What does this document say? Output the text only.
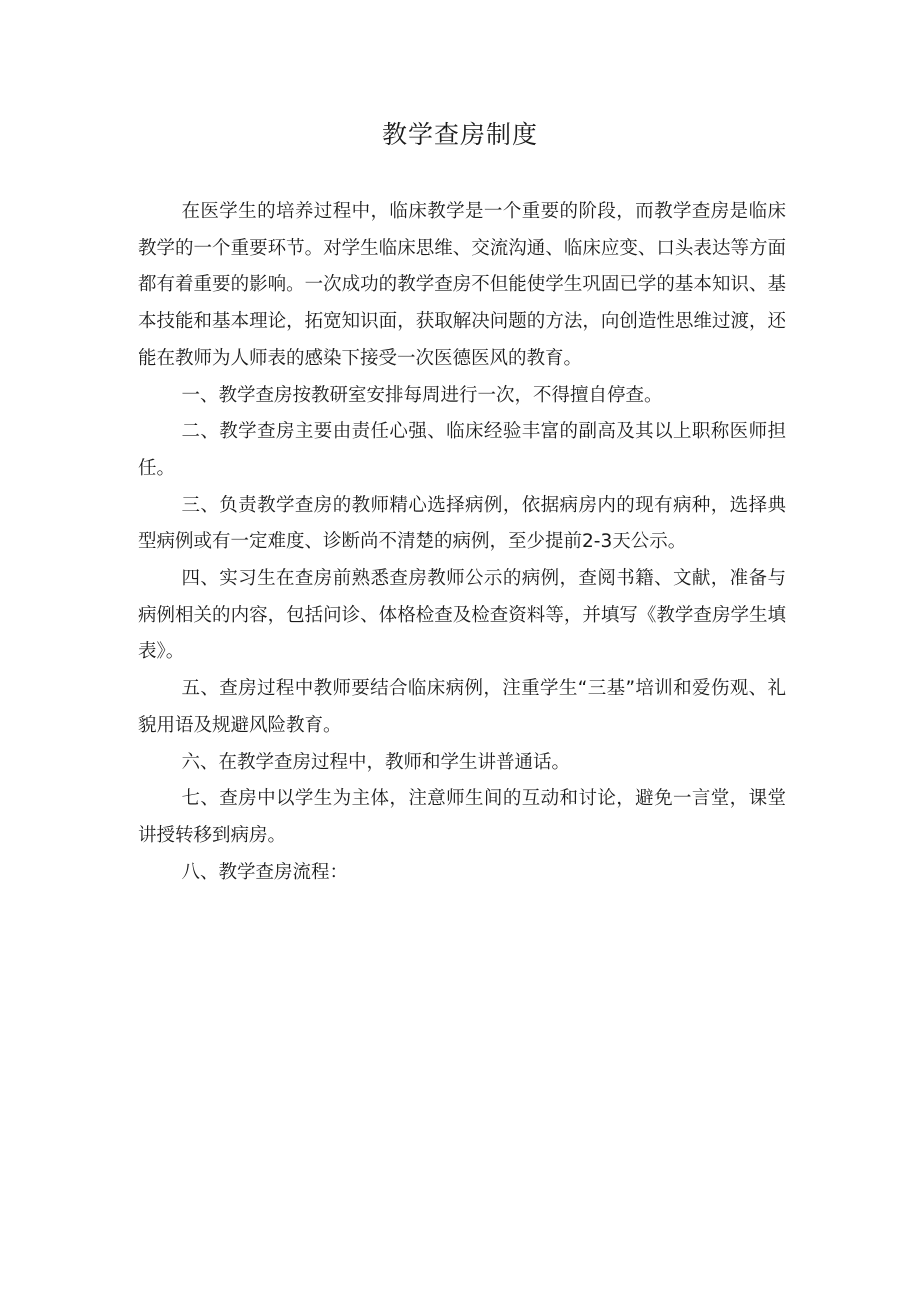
教学查房制度

在医学生的培养过程中，临床教学是一个重要的阶段，而教学查房是临床教学的一个重要环节。对学生临床思维、交流沟通、临床应变、口头表达等方面都有着重要的影响。一次成功的教学查房不但能使学生巩固已学的基本知识、基本技能和基本理论，拓宽知识面，获取解决问题的方法，向创造性思维过渡，还能在教师为人师表的感染下接受一次医德医风的教育。

一、教学查房按教研室安排每周进行一次，不得擅自停查。

二、教学查房主要由责任心强、临床经验丰富的副高及其以上职称医师担任。

三、负责教学查房的教师精心选择病例，依据病房内的现有病种，选择典型病例或有一定难度、诊断尚不清楚的病例，至少提前2-3天公示。

四、实习生在查房前熟悉查房教师公示的病例，查阅书籍、文献，准备与病例相关的内容，包括问诊、体格检查及检查资料等，并填写《教学查房学生填表》。

五、查房过程中教师要结合临床病例，注重学生“三基”培训和爱伤观、礼貌用语及规避风险教育。

六、在教学查房过程中，教师和学生讲普通话。

七、查房中以学生为主体，注意师生间的互动和讨论，避免一言堂，课堂讲授转移到病房。

八、教学查房流程：
